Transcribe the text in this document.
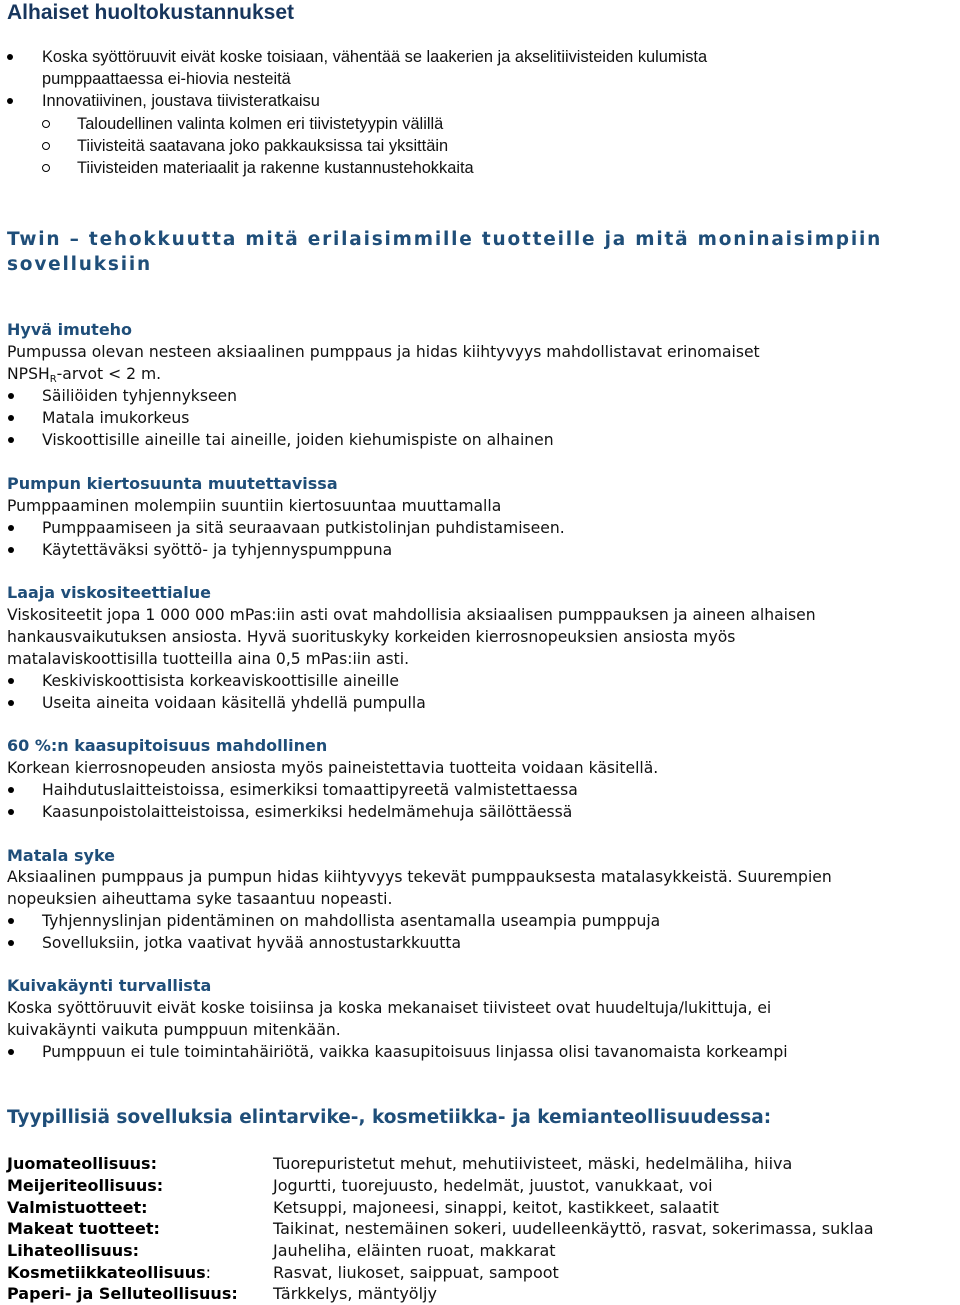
Alhaiset huoltokustannukset
Koska syöttöruuvit eivät koske toisiaan, vähentää se laakerien ja akselitiivisteiden kulumista
pumppaattaessa ei-hiovia nesteitä
Innovatiivinen, joustava tiivisteratkaisu
Taloudellinen valinta kolmen eri tiivistetyypin välillä
Tiivisteitä saatavana joko pakkauksissa tai yksittäin
Tiivisteiden materiaalit ja rakenne kustannustehokkaita
Twin – tehokkuutta mitä erilaisimmille tuotteille ja mitä moninaisimpiin
sovelluksiin
Hyvä imuteho
Pumpussa olevan nesteen aksiaalinen pumppaus ja hidas kiihtyvyys mahdollistavat erinomaiset
$NPSH_R$-arvot < 2 m.
Säiliöiden tyhjennykseen
Matala imukorkeus
Viskoottisille aineille tai aineille, joiden kiehumispiste on alhainen
Pumpun kiertosuunta muutettavissa
Pumppaaminen molempiin suuntiin kiertosuuntaa muuttamalla
Pumppaamiseen ja sitä seuraavaan putkistolinjan puhdistamiseen.
Käytettäväksi syöttö- ja tyhjennyspumppuna
Laaja viskositeettialue
Viskositeetit jopa 1 000 000 mPas:iin asti ovat mahdollisia aksiaalisen pumppauksen ja aineen alhaisen
hankausvaikutuksen ansiosta. Hyvä suorituskyky korkeiden kierrosnopeuksien ansiosta myös
matalaviskoottisilla tuotteilla aina 0,5 mPas:iin asti.
Keskiviskoottisista korkeaviskoottisille aineille
Useita aineita voidaan käsitellä yhdellä pumpulla
60 %:n kaasupitoisuus mahdollinen
Korkean kierrosnopeuden ansiosta myös paineistettavia tuotteita voidaan käsitellä.
Haihdutuslaitteistoissa, esimerkiksi tomaattipyreetä valmistettaessa
Kaasunpoistolaitteistoissa, esimerkiksi hedelmämehuja säilöttäessä
Matala syke
Aksiaalinen pumppaus ja pumpun hidas kiihtyvyys tekevät pumppauksesta matalasykkeistä. Suurempien
nopeuksien aiheuttama syke tasaantuu nopeasti.
Tyhjennyslinjan pidentäminen on mahdollista asentamalla useampia pumppuja
Sovelluksiin, jotka vaativat hyvää annostustarkkuutta
Kuivakäynti turvallista
Koska syöttöruuvit eivät koske toisiinsa ja koska mekanaiset tiivisteet ovat huudeltuja/lukittuja, ei
kuivakäynti vaikuta pumppuun mitenkään.
Pumppuun ei tule toimintahäiriötä, vaikka kaasupitoisuus linjassa olisi tavanomaista korkeampi
Tyypillisiä sovelluksia elintarvike-, kosmetiikka- ja kemianteollisuudessa:
Juomateollisuus:	Tuorepuristetut mehut, mehutiivisteet, mäski, hedelmäliha, hiiva
Meijeriteollisuus:	Jogurtti, tuorejuusto, hedelmät, juustot, vanukkaat, voi
Valmistuotteet:	Ketsuppi, majoneesi, sinappi, keitot, kastikkeet, salaatit
Makeat tuotteet:	Taikinat, nestemäinen sokeri, uudelleenkäyttö, rasvat, sokerimassa, suklaa
Lihateollisuus:	Jauheliha, eläinten ruoat, makkarat
Kosmetiikkateollisuus:	Rasvat, liukoset, saippuat, sampoot
Paperi- ja Selluteollisuus: Tärkkelys, mäntyöljy
